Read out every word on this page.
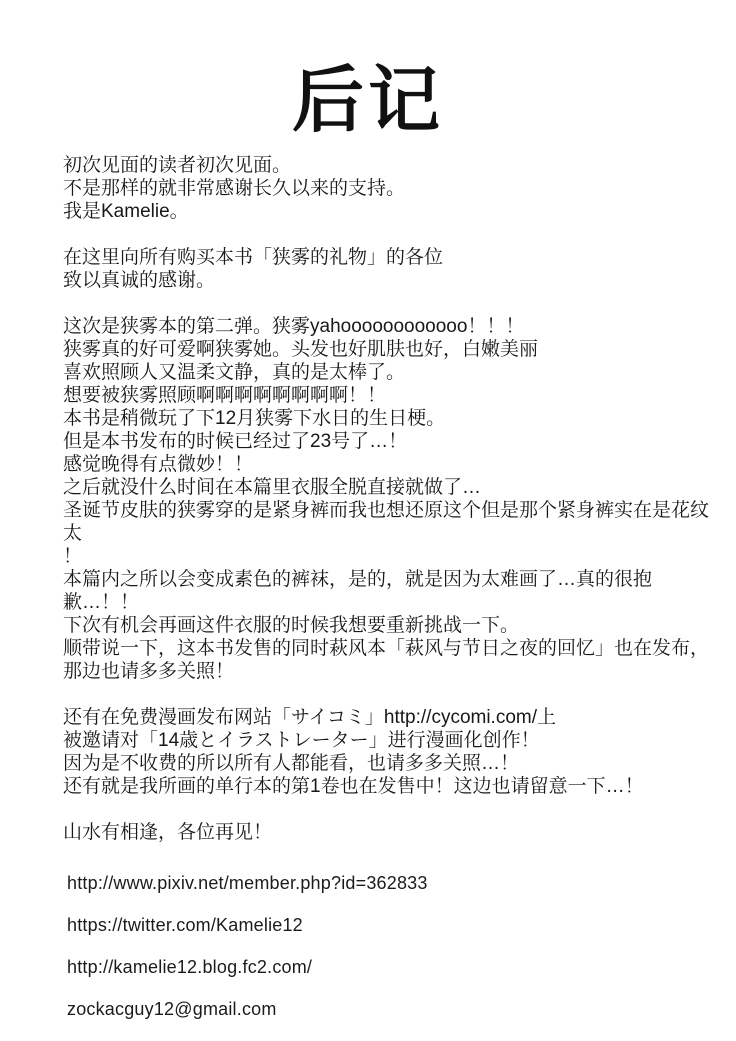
后记
初次见面的读者初次见面。
不是那样的就非常感谢长久以来的支持。
我是Kamelie。
在这里向所有购买本书「狭雾的礼物」的各位
致以真诚的感谢。
这次是狭雾本的第二弹。狭雾yahoooooooooooo！！！
狭雾真的好可爱啊狭雾她。头发也好肌肤也好，白嫩美丽
喜欢照顾人又温柔文静，真的是太棒了。
想要被狭雾照顾啊啊啊啊啊啊啊啊！！
本书是稍微玩了下12月狭雾下水日的生日梗。
但是本书发布的时候已经过了23号了…！
感觉晚得有点微妙！！
之后就没什么时间在本篇里衣服全脱直接就做了…
圣诞节皮肤的狭雾穿的是紧身裤而我也想还原这个但是那个紧身裤实在是花纹太
！
本篇内之所以会变成素色的裤袜，是的，就是因为太难画了…真的很抱歉…！！
下次有机会再画这件衣服的时候我想要重新挑战一下。
顺带说一下，这本书发售的同时萩风本「萩风与节日之夜的回忆」也在发布，
那边也请多多关照！
还有在免费漫画发布网站「サイコミ」http://cycomi.com/上
被邀请对「14歳とイラストレーター」进行漫画化创作！
因为是不收费的所以所有人都能看，也请多多关照…！
还有就是我所画的单行本的第1卷也在发售中！这边也请留意一下…！
山水有相逢，各位再见！
http://www.pixiv.net/member.php?id=362833
https://twitter.com/Kamelie12
http://kamelie12.blog.fc2.com/
zockacguy12@gmail.com
